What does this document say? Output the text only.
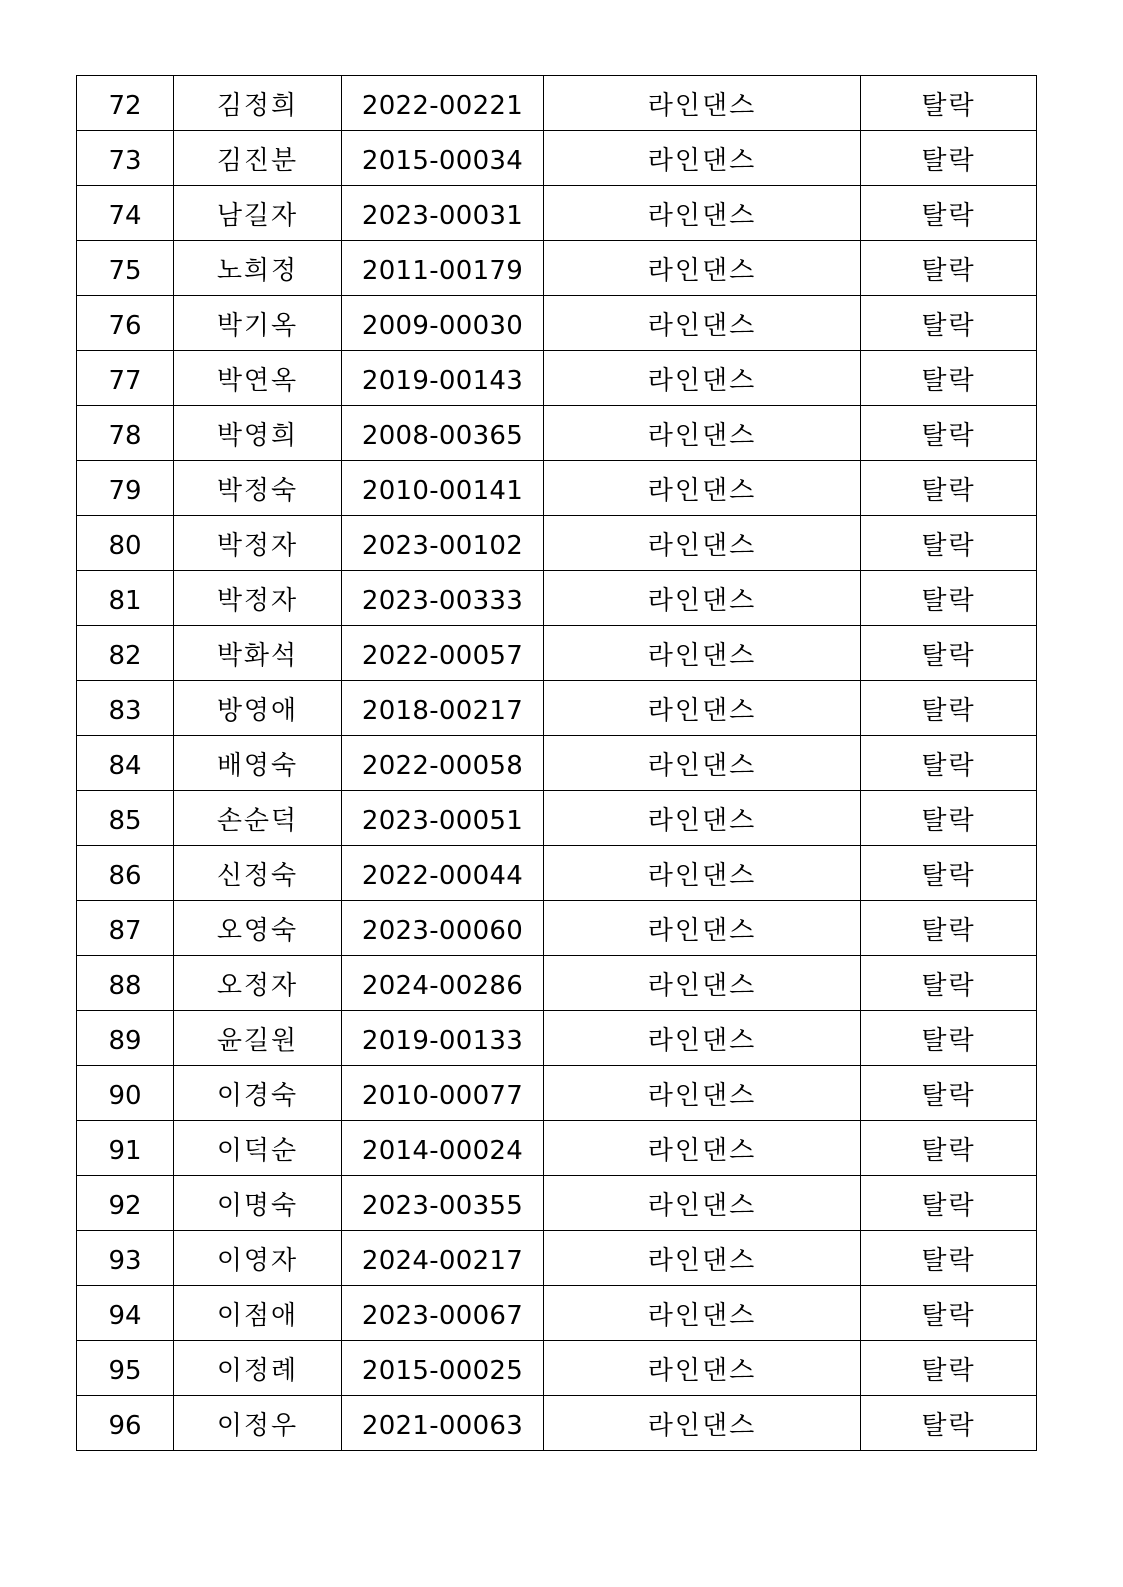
72	김정희	2022-00221	라인댄스	탈락
73	김진분	2015-00034	라인댄스	탈락
74	남길자	2023-00031	라인댄스	탈락
75	노희정	2011-00179	라인댄스	탈락
76	박기옥	2009-00030	라인댄스	탈락
77	박연옥	2019-00143	라인댄스	탈락
78	박영희	2008-00365	라인댄스	탈락
79	박정숙	2010-00141	라인댄스	탈락
80	박정자	2023-00102	라인댄스	탈락
81	박정자	2023-00333	라인댄스	탈락
82	박화석	2022-00057	라인댄스	탈락
83	방영애	2018-00217	라인댄스	탈락
84	배영숙	2022-00058	라인댄스	탈락
85	손순덕	2023-00051	라인댄스	탈락
86	신정숙	2022-00044	라인댄스	탈락
87	오영숙	2023-00060	라인댄스	탈락
88	오정자	2024-00286	라인댄스	탈락
89	윤길원	2019-00133	라인댄스	탈락
90	이경숙	2010-00077	라인댄스	탈락
91	이덕순	2014-00024	라인댄스	탈락
92	이명숙	2023-00355	라인댄스	탈락
93	이영자	2024-00217	라인댄스	탈락
94	이점애	2023-00067	라인댄스	탈락
95	이정례	2015-00025	라인댄스	탈락
96	이정우	2021-00063	라인댄스	탈락
